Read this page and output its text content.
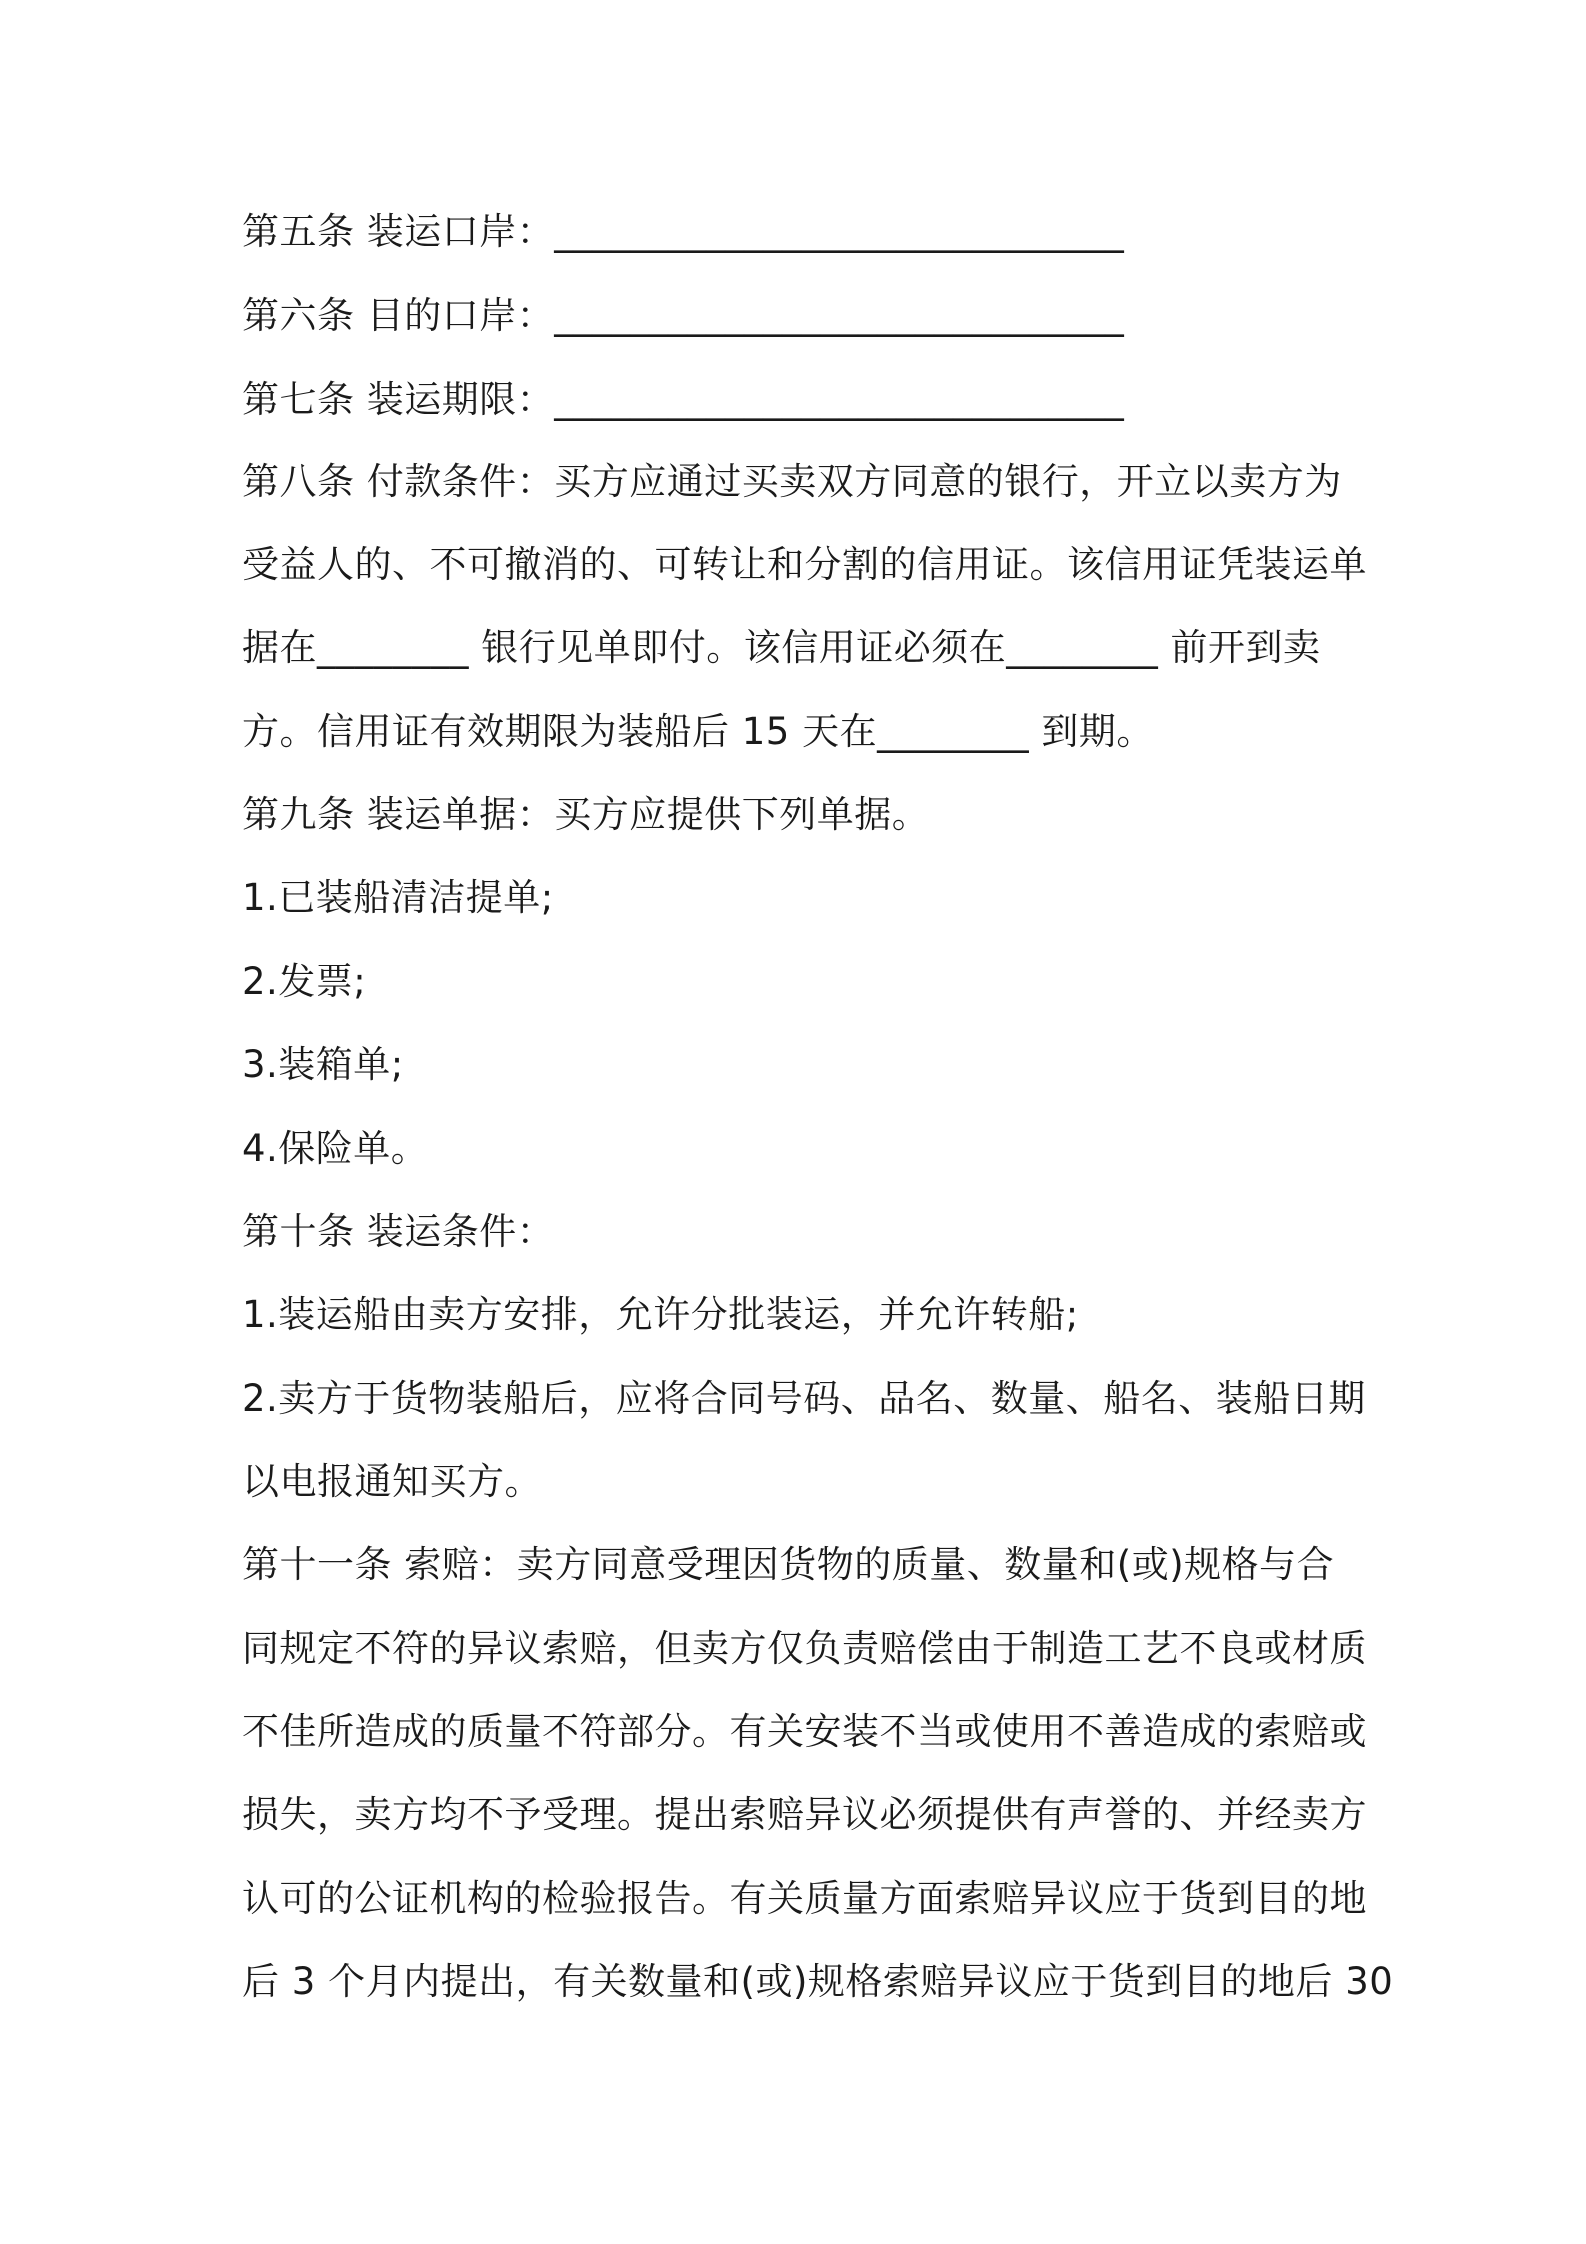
第五条 装运口岸：______________________________
第六条 目的口岸：______________________________
第七条 装运期限：______________________________
第八条 付款条件：买方应通过买卖双方同意的银行，开立以卖方为
受益人的、不可撤消的、可转让和分割的信用证。该信用证凭装运单
据在________ 银行见单即付。该信用证必须在________ 前开到卖
方。信用证有效期限为装船后 15 天在________ 到期。
第九条 装运单据：买方应提供下列单据。
1.已装船清洁提单;
2.发票;
3.装箱单;
4.保险单。
第十条 装运条件：
1.装运船由卖方安排，允许分批装运，并允许转船;
2.卖方于货物装船后，应将合同号码、品名、数量、船名、装船日期
以电报通知买方。
第十一条 索赔：卖方同意受理因货物的质量、数量和(或)规格与合
同规定不符的异议索赔，但卖方仅负责赔偿由于制造工艺不良或材质
不佳所造成的质量不符部分。有关安装不当或使用不善造成的索赔或
损失，卖方均不予受理。提出索赔异议必须提供有声誉的、并经卖方
认可的公证机构的检验报告。有关质量方面索赔异议应于货到目的地
后 3 个月内提出，有关数量和(或)规格索赔异议应于货到目的地后 30
